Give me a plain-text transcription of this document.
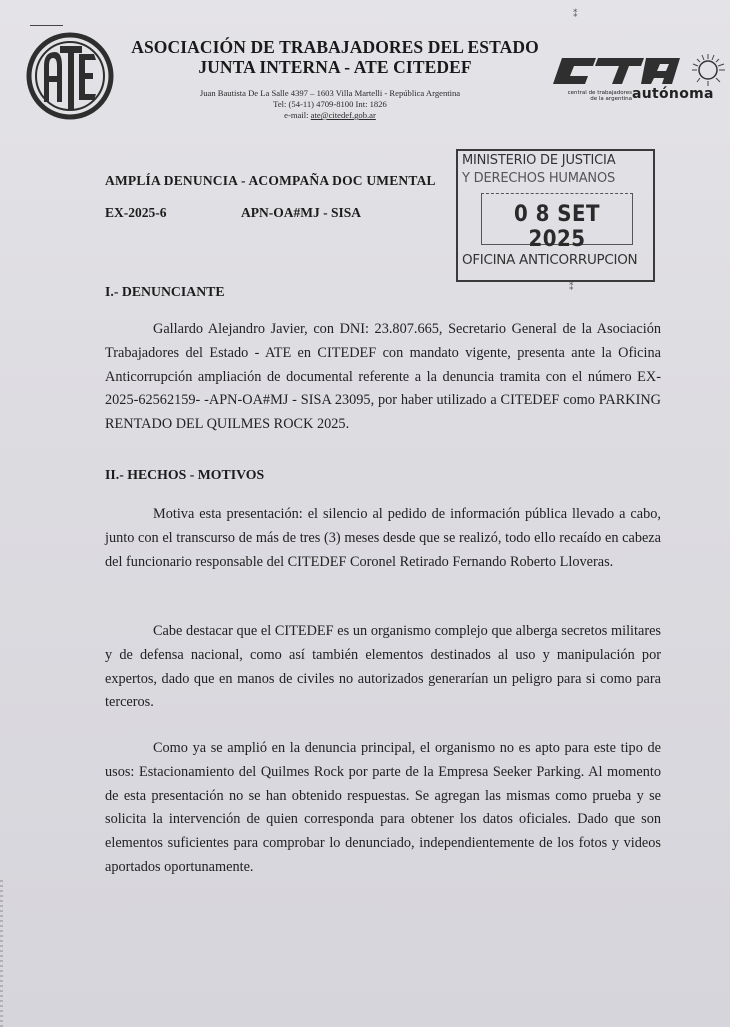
ASOCIACIÓN DE TRABAJADORES DEL ESTADO
JUNTA INTERNA - ATE CITEDEF
Juan Bautista De La Salle 4397 – 1603 Villa Martelli - República Argentina
Tel: (54-11) 4709-8100 Int: 1826
e-mail: ate@citedef.gob.ar
⁑
central de trabajadores
de la argentina autónoma
AMPLÍA DENUNCIA - ACOMPAÑA DOC UMENTAL
EX-2025-6	APN-OA#MJ - SISA
MINISTERIO DE JUSTICIA
Y DERECHOS HUMANOS
0 8 SET 2025
OFICINA ANTICORRUPCION
⁑
I.- DENUNCIANTE
Gallardo Alejandro Javier, con DNI: 23.807.665, Secretario General de la Asociación Trabajadores del Estado - ATE en CITEDEF con mandato vigente, presenta ante la Oficina Anticorrupción ampliación de documental referente a la denuncia tramita con el número EX-2025-62562159- -APN-OA#MJ - SISA 23095, por haber utilizado a CITEDEF como PARKING RENTADO DEL QUILMES ROCK 2025.
II.- HECHOS - MOTIVOS
Motiva esta presentación: el silencio al pedido de información pública llevado a cabo, junto con el transcurso de más de tres (3) meses desde que se realizó, todo ello recaído en cabeza del funcionario responsable del CITEDEF Coronel Retirado Fernando Roberto Lloveras.
Cabe destacar que el CITEDEF es un organismo complejo que alberga secretos militares y de defensa nacional, como así también elementos destinados al uso y manipulación por expertos, dado que en manos de civiles no autorizados generarían un peligro para si como para terceros.
Como ya se amplió en la denuncia principal, el organismo no es apto para este tipo de usos: Estacionamiento del Quilmes Rock por parte de la Empresa Seeker Parking. Al momento de esta presentación no se han obtenido respuestas. Se agregan las mismas como prueba y se solicita la intervención de quien corresponda para obtener los datos oficiales. Dado que son elementos suficientes para comprobar lo denunciado, independientemente de los fotos y videos aportados oportunamente.
